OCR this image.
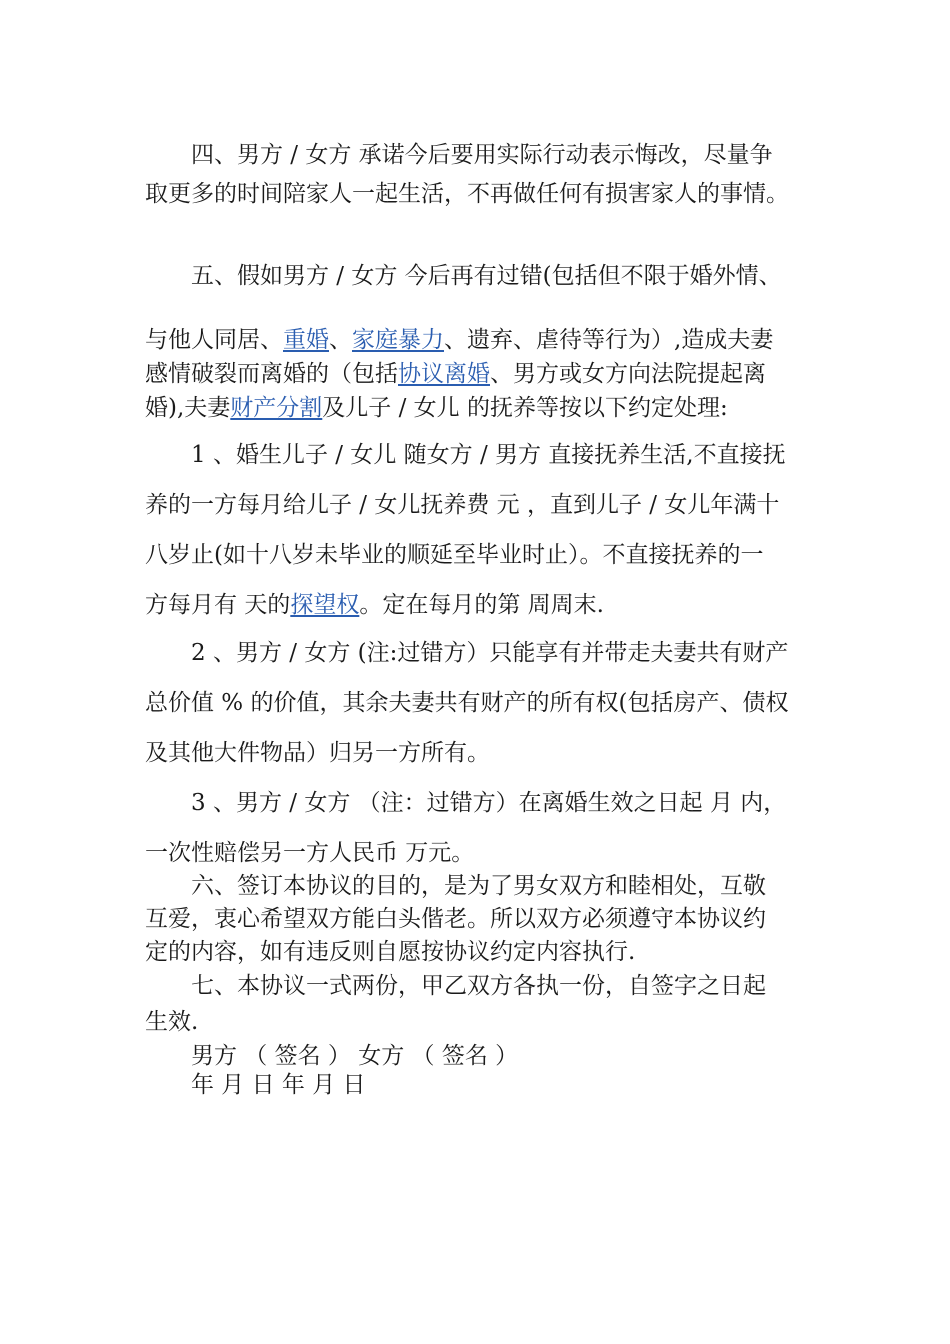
四、男方 / 女方 承诺今后要用实际行动表示悔改，尽量争
取更多的时间陪家人一起生活，不再做任何有损害家人的事情。
五、假如男方 / 女方 今后再有过错(包括但不限于婚外情、
与他人同居、重婚、家庭暴力、遗弃、虐待等行为）,造成夫妻
感情破裂而离婚的（包括协议离婚、男方或女方向法院提起离
婚),夫妻财产分割及儿子 / 女儿 的抚养等按以下约定处理:
1 、婚生儿子 / 女儿 随女方 / 男方 直接抚养生活,不直接抚
养的一方每月给儿子 / 女儿抚养费 元 ，直到儿子 / 女儿年满十
八岁止(如十八岁未毕业的顺延至毕业时止）。不直接抚养的一
方每月有 天的探望权。定在每月的第 周周末.
2 、男方 / 女方 (注:过错方）只能享有并带走夫妻共有财产
总价值 % 的价值，其余夫妻共有财产的所有权(包括房产、债权
及其他大件物品）归另一方所有。
3 、男方 / 女方 （注：过错方）在离婚生效之日起 月 内，
一次性赔偿另一方人民币 万元。
六、签订本协议的目的，是为了男女双方和睦相处，互敬
互爱，衷心希望双方能白头偕老。所以双方必须遵守本协议约
定的内容，如有违反则自愿按协议约定内容执行.
七、本协议一式两份，甲乙双方各执一份，自签字之日起
生效.
男方 （ 签名 ） 女方 （ 签名 ）
年 月 日 年 月 日
